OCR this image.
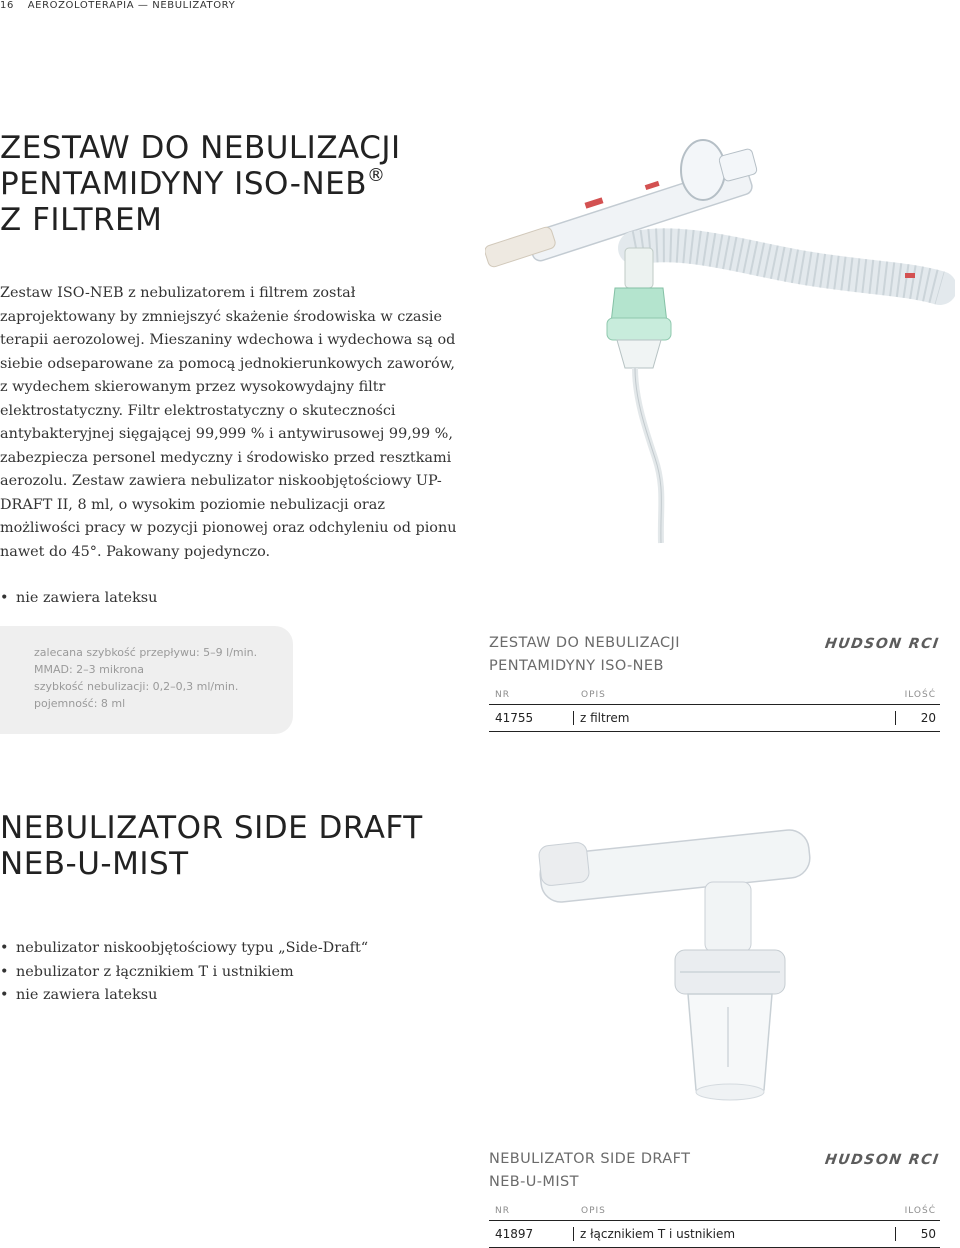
16 AEROZOLOTERAPIA — NEBULIZATORY
ZESTAW DO NEBULIZACJI
PENTAMIDYNY ISO-NEB®
Z FILTREM

Zestaw ISO-NEB z nebulizatorem i filtrem został zaprojektowany by zmniejszyć skażenie środowiska w czasie terapii aerozolowej. Mieszaniny wdechowa i wydechowa są od siebie odseparowane za pomocą jednokierunkowych zaworów, z wydechem skierowanym przez wysokowydajny filtr elektrostatyczny. Filtr elektrostatyczny o skuteczności antybakteryjnej sięgającej 99,999 % i antywirusowej 99,99 %, zabezpiecza personel medyczny i środowisko przed resztkami aerozolu. Zestaw zawiera nebulizator niskoobjętościowy UP-DRAFT II, 8 ml, o wysokim poziomie nebulizacji oraz możliwości pracy w pozycji pionowej oraz odchyleniu od pionu nawet do 45°. Pakowany pojedynczo.

• nie zawiera lateksu
zalecana szybkość przepływu: 5–9 l/min.
MMAD: 2–3 mikrona
szybkość nebulizacji: 0,2–0,3 ml/min.
pojemność: 8 ml
ZESTAW DO NEBULIZACJI
PENTAMIDYNY ISO-NEB
HUDSON RCI
NR	OPIS	ILOŚĆ
41755	z filtrem	20
NEBULIZATOR SIDE DRAFT
NEB-U-MIST
• nebulizator niskoobjętościowy typu „Side-Draft“
• nebulizator z łącznikiem T i ustnikiem
• nie zawiera lateksu
NEBULIZATOR SIDE DRAFT
NEB-U-MIST
HUDSON RCI
NR	OPIS	ILOŚĆ
41897	z łącznikiem T i ustnikiem	50
